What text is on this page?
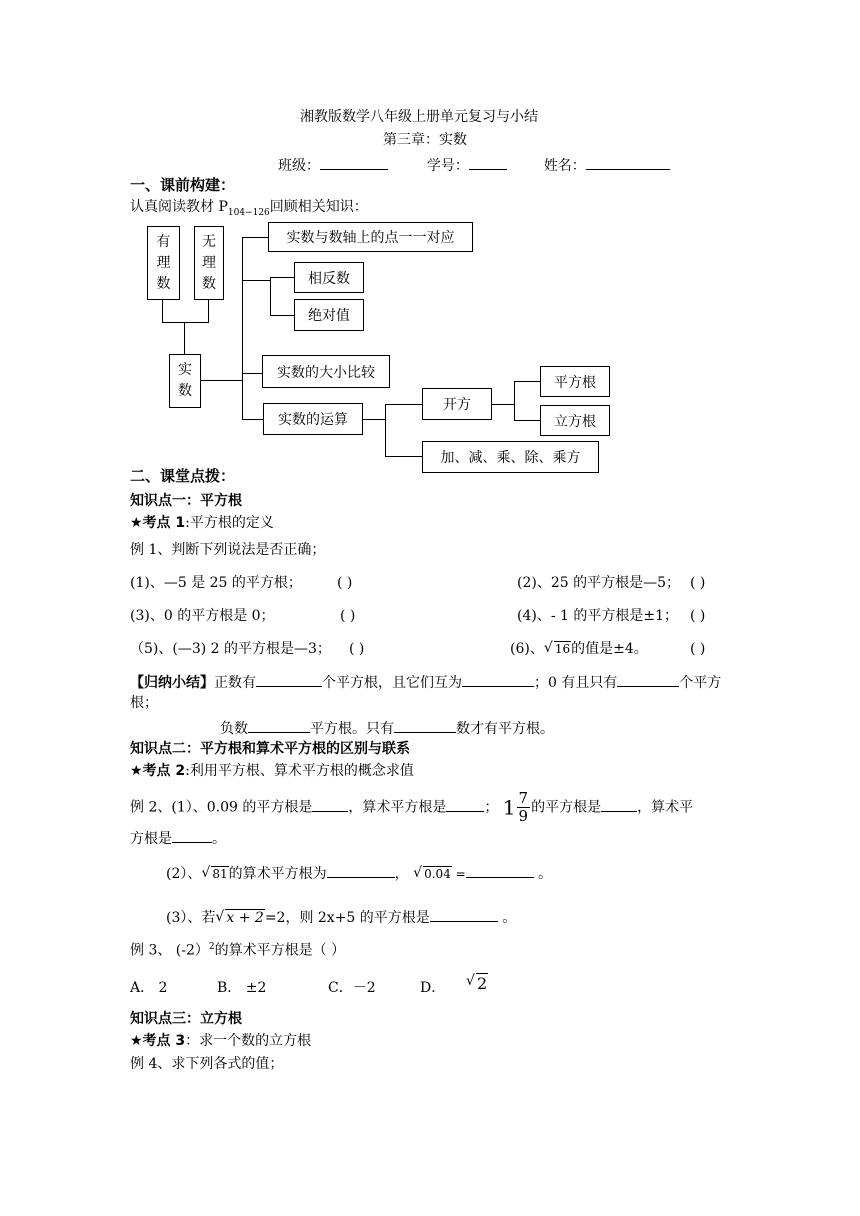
湘教版数学八年级上册单元复习与小结
第三章：实数
班级：	学号：	姓名：
一、课前构建：
认真阅读教材 $P_{104-126}$回顾相关知识：
有
理
数
无
理
数
实
数
实数与数轴上的点一一对应
相反数
绝对值
实数的大小比较
实数的运算
开方
平方根
立方根
加、减、乘、除、乘方
二、课堂点拨：
知识点一：平方根
★考点 1:平方根的定义
例 1、判断下列说法是否正确；
(1)、—5 是 25 的平方根；	( )	(2)、25 的平方根是—5； ( )
(3)、0 的平方根是 0；	( )	(4)、- 1 的平方根是±1； ( )
（5)、(—3) 2 的平方根是—3； ( )	(6)、 √ 16的值是±4。	( )
【归纳小结】正数有	个平方根，且它们互为	；0 有且只有	个平方
根；
负数	平方根。只有	数才有平方根。
知识点二：平方根和算术平方根的区别与联系
★考点 2:利用平方根、算术平方根的概念求值
例 2、(1）、0.09 的平方根是	，算术平方根是	； $1 \frac{7}{9}$ 的平方根是	，算术平
方根是	。
(2）、 √ 81的算术平方根为	， √ 0.04 =	。
(3）、若 √ x + 2=2，则 2x+5 的平方根是	。
例 3、 (-2）$^2$的算术平方根是（ ）
A． 2	B． ±2	C．－2	D．	√ 2
知识点三：立方根
★考点 3：求一个数的立方根
例 4、求下列各式的值；
